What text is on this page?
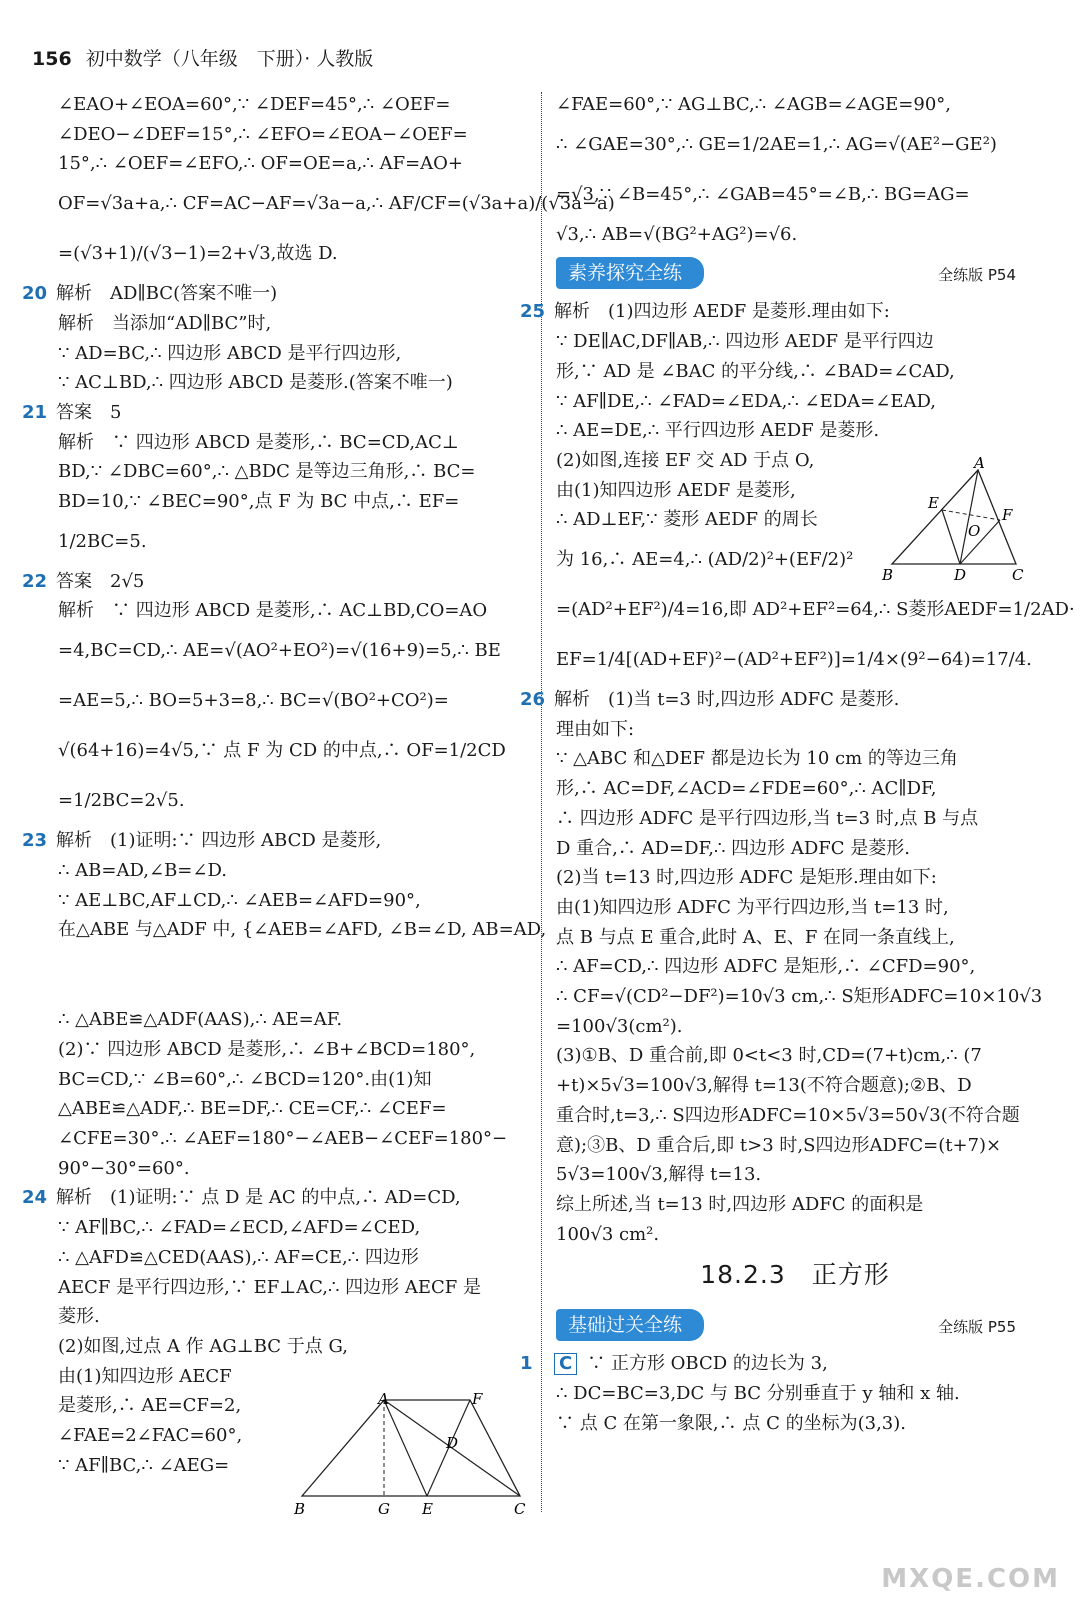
156 初中数学（八年级　下册）· 人教版
∠EAO+∠EOA=60°,∵ ∠DEF=45°,∴ ∠OEF=
∠DEO−∠DEF=15°,∴ ∠EFO=∠EOA−∠OEF=
15°,∴ ∠OEF=∠EFO,∴ OF=OE=a,∴ AF=AO+
OF=√3a+a,∴ CF=AC−AF=√3a−a,∴ AF/CF=(√3a+a)/(√3a−a)
=(√3+1)/(√3−1)=2+√3,故选 D.
20 解析　AD∥BC(答案不唯一)
解析　当添加“AD∥BC”时,
∵ AD=BC,∴ 四边形 ABCD 是平行四边形,
∵ AC⊥BD,∴ 四边形 ABCD 是菱形.(答案不唯一)
21 答案　5
解析　∵ 四边形 ABCD 是菱形,∴ BC=CD,AC⊥
BD,∵ ∠DBC=60°,∴ △BDC 是等边三角形,∴ BC=
BD=10,∵ ∠BEC=90°,点 F 为 BC 中点,∴ EF=
1/2BC=5.
22 答案　2√5
解析　∵ 四边形 ABCD 是菱形,∴ AC⊥BD,CO=AO
=4,BC=CD,∴ AE=√(AO²+EO²)=√(16+9)=5,∴ BE
=AE=5,∴ BO=5+3=8,∴ BC=√(BO²+CO²)=
√(64+16)=4√5,∵ 点 F 为 CD 的中点,∴ OF=1/2CD
=1/2BC=2√5.
23 解析　(1)证明:∵ 四边形 ABCD 是菱形,
∴ AB=AD,∠B=∠D.
∵ AE⊥BC,AF⊥CD,∴ ∠AEB=∠AFD=90°,
在△ABE 与△ADF 中, {∠AEB=∠AFD, ∠B=∠D, AB=AD,
∴ △ABE≌△ADF(AAS),∴ AE=AF.
(2)∵ 四边形 ABCD 是菱形,∴ ∠B+∠BCD=180°,
BC=CD,∵ ∠B=60°,∴ ∠BCD=120°.由(1)知
△ABE≌△ADF,∴ BE=DF,∴ CE=CF,∴ ∠CEF=
∠CFE=30°.∴ ∠AEF=180°−∠AEB−∠CEF=180°−
90°−30°=60°.
24 解析　(1)证明:∵ 点 D 是 AC 的中点,∴ AD=CD,
∵ AF∥BC,∴ ∠FAD=∠ECD,∠AFD=∠CED,
∴ △AFD≌△CED(AAS),∴ AF=CE,∴ 四边形
AECF 是平行四边形,∵ EF⊥AC,∴ 四边形 AECF 是
菱形.
(2)如图,过点 A 作 AG⊥BC 于点 G,
由(1)知四边形 AECF
是菱形,∴ AE=CF=2,
∠FAE=2∠FAC=60°,
∵ AF∥BC,∴ ∠AEG=
A	F
D
B	G E	C
∠FAE=60°,∵ AG⊥BC,∴ ∠AGB=∠AGE=90°,
∴ ∠GAE=30°,∴ GE=1/2AE=1,∴ AG=√(AE²−GE²)
=√3,∵ ∠B=45°,∴ ∠GAB=45°=∠B,∴ BG=AG=
√3,∴ AB=√(BG²+AG²)=√6.
素养探究全练	全练版 P54
25 解析　(1)四边形 AEDF 是菱形.理由如下:
∵ DE∥AC,DF∥AB,∴ 四边形 AEDF 是平行四边
形,∵ AD 是 ∠BAC 的平分线,∴ ∠BAD=∠CAD,
∵ AF∥DE,∴ ∠FAD=∠EDA,∴ ∠EDA=∠EAD,
∴ AE=DE,∴ 平行四边形 AEDF 是菱形.
(2)如图,连接 EF 交 AD 于点 O,
由(1)知四边形 AEDF 是菱形,
∴ AD⊥EF,∵ 菱形 AEDF 的周长
为 16,∴ AE=4,∴ (AD/2)²+(EF/2)²
=(AD²+EF²)/4=16,即 AD²+EF²=64,∴ S菱形AEDF=1/2AD·
EF=1/4[(AD+EF)²−(AD²+EF²)]=1/4×(9²−64)=17/4.
26 解析　(1)当 t=3 时,四边形 ADFC 是菱形.
理由如下:
∵ △ABC 和△DEF 都是边长为 10 cm 的等边三角
形,∴ AC=DF,∠ACD=∠FDE=60°,∴ AC∥DF,
∴ 四边形 ADFC 是平行四边形,当 t=3 时,点 B 与点
D 重合,∴ AD=DF,∴ 四边形 ADFC 是菱形.
(2)当 t=13 时,四边形 ADFC 是矩形.理由如下:
由(1)知四边形 ADFC 为平行四边形,当 t=13 时,
点 B 与点 E 重合,此时 A、E、F 在同一条直线上,
∴ AF=CD,∴ 四边形 ADFC 是矩形,∴ ∠CFD=90°,
∴ CF=√(CD²−DF²)=10√3 cm,∴ S矩形ADFC=10×10√3
=100√3(cm²).
(3)①B、D 重合前,即 0<t<3 时,CD=(7+t)cm,∴ (7
+t)×5√3=100√3,解得 t=13(不符合题意);②B、D
重合时,t=3,∴ S四边形ADFC=10×5√3=50√3(不符合题
意);③B、D 重合后,即 t>3 时,S四边形ADFC=(t+7)×
5√3=100√3,解得 t=13.
综上所述,当 t=13 时,四边形 ADFC 的面积是
100√3 cm².
18.2.3　正方形
基础过关全练	全练版 P55
1 C ∵ 正方形 OBCD 的边长为 3,
∴ DC=BC=3,DC 与 BC 分别垂直于 y 轴和 x 轴.
∵ 点 C 在第一象限,∴ 点 C 的坐标为(3,3).
A
E
F
O
B	D	C
MXQE.COM
